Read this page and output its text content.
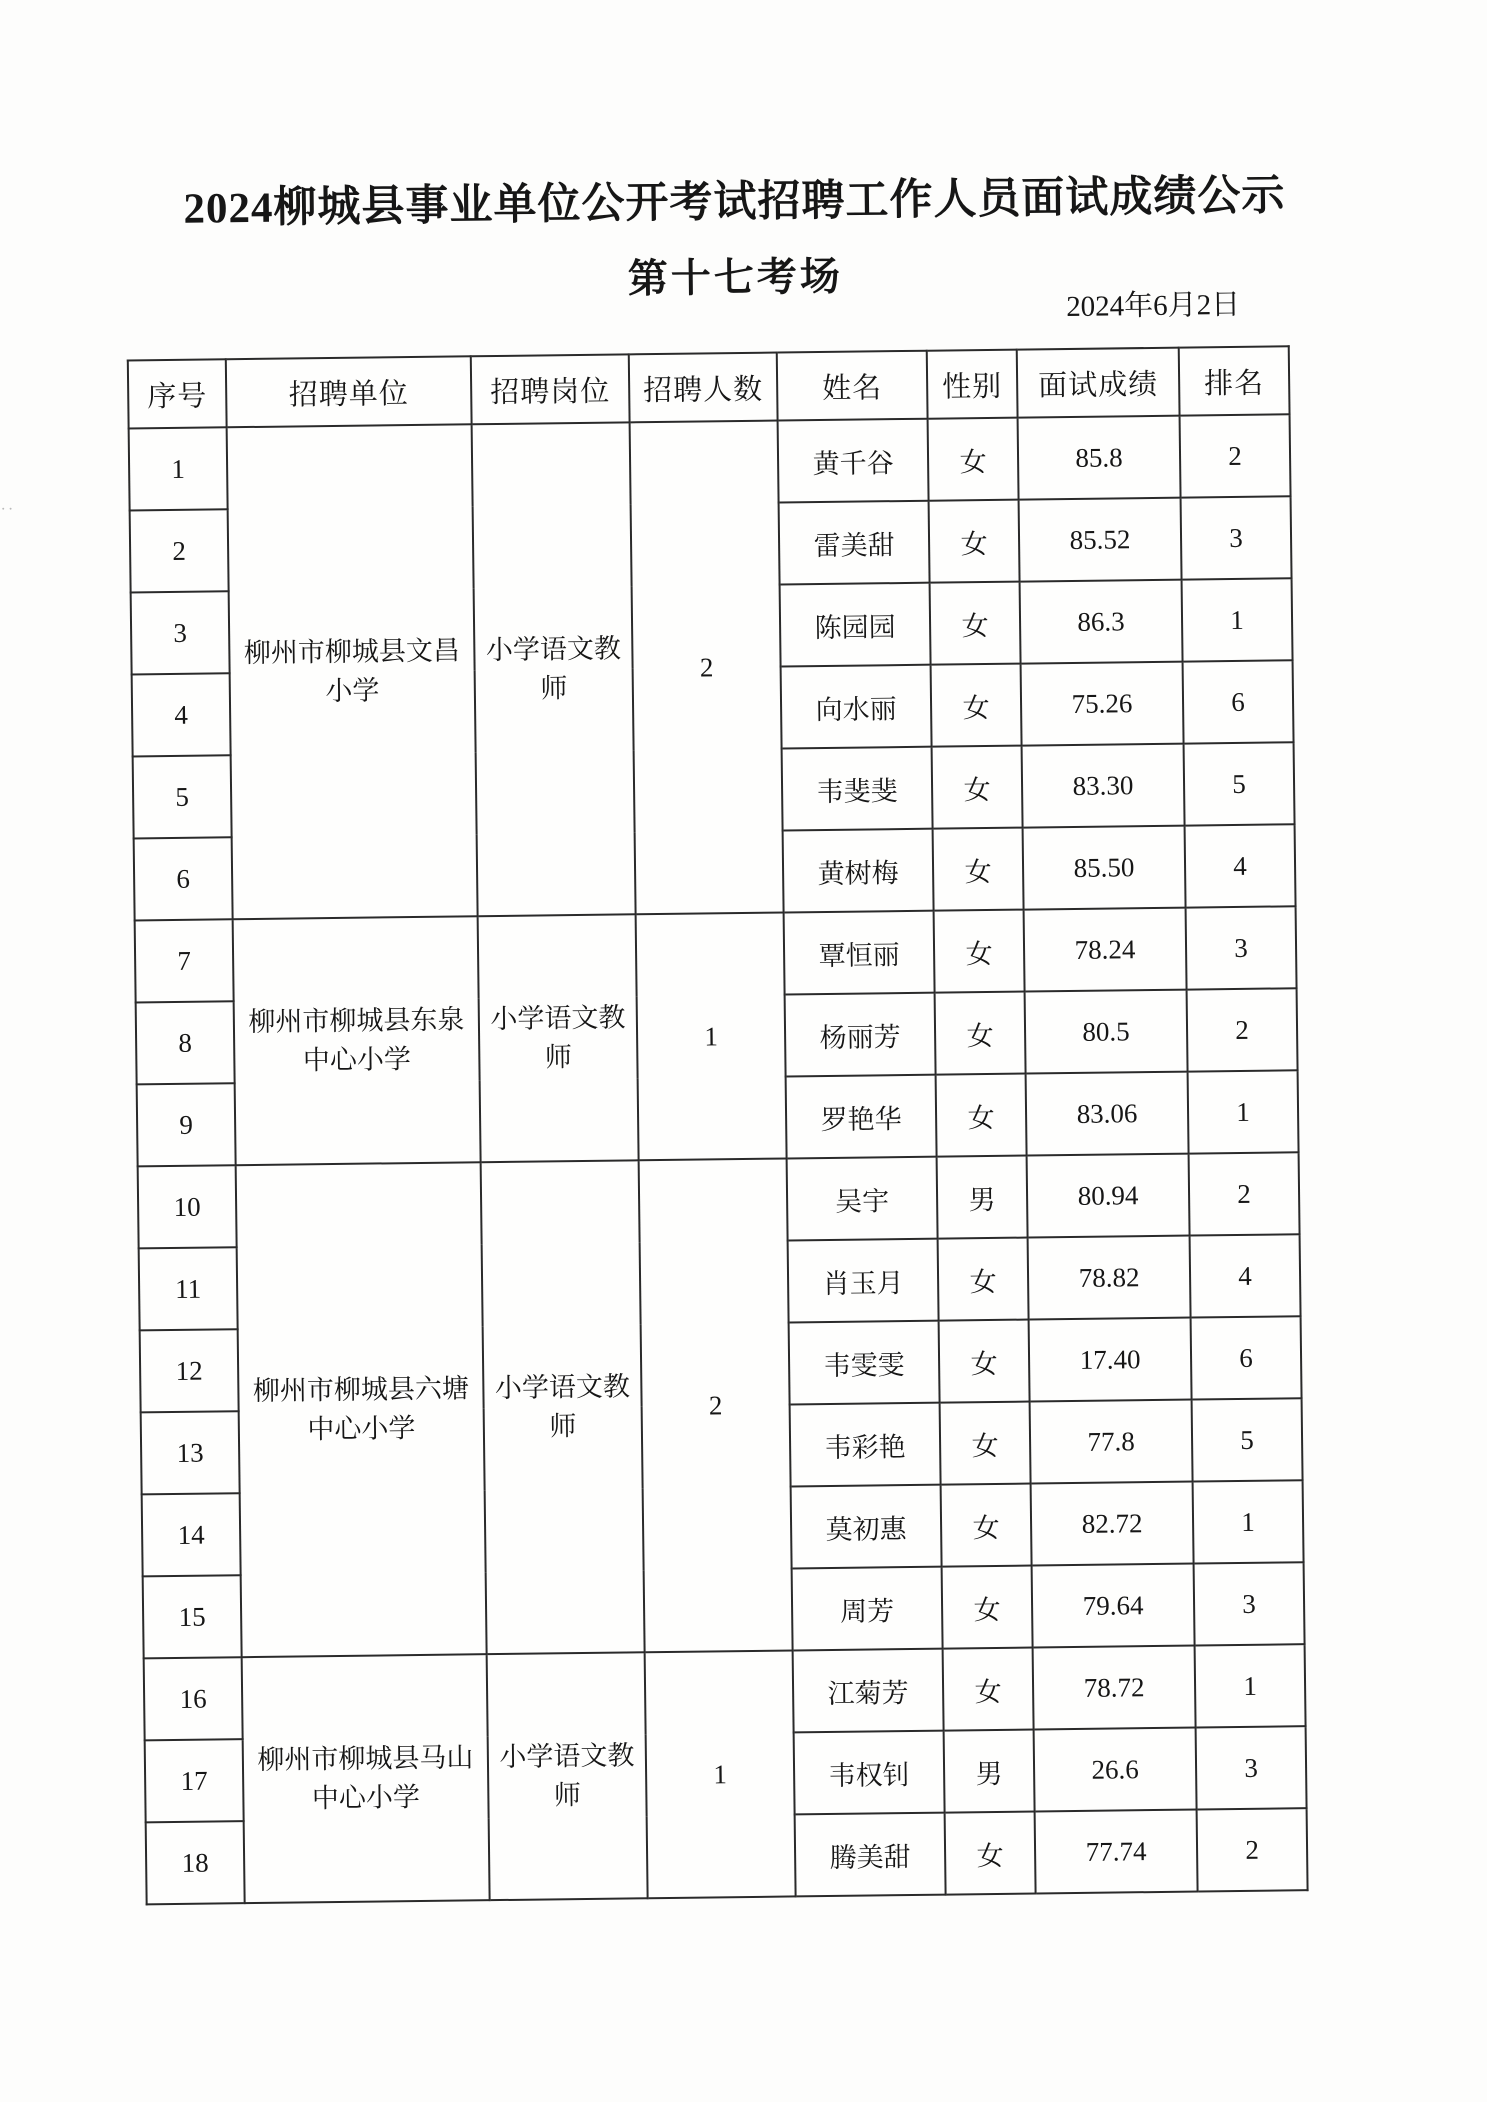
2024柳城县事业单位公开考试招聘工作人员面试成绩公示
第十七考场
2024年6月2日
序号	招聘单位	招聘岗位	招聘人数	姓名	性别	面试成绩	排名
1	柳州市柳城县文昌小学	小学语文教师	2	黄千谷	女	85.8	2
2				雷美甜	女	85.52	3
3				陈园园	女	86.3	1
4				向水丽	女	75.26	6
5				韦斐斐	女	83.30	5
6				黄树梅	女	85.50	4
7	柳州市柳城县东泉中心小学	小学语文教师	1	覃恒丽	女	78.24	3
8				杨丽芳	女	80.5	2
9				罗艳华	女	83.06	1
10	柳州市柳城县六塘中心小学	小学语文教师	2	吴宇	男	80.94	2
11				肖玉月	女	78.82	4
12				韦雯雯	女	17.40	6
13				韦彩艳	女	77.8	5
14				莫初惠	女	82.72	1
15				周芳	女	79.64	3
16	柳州市柳城县马山中心小学	小学语文教师	1	江菊芳	女	78.72	1
17				韦权钊	男	26.6	3
18				腾美甜	女	77.74	2
··
